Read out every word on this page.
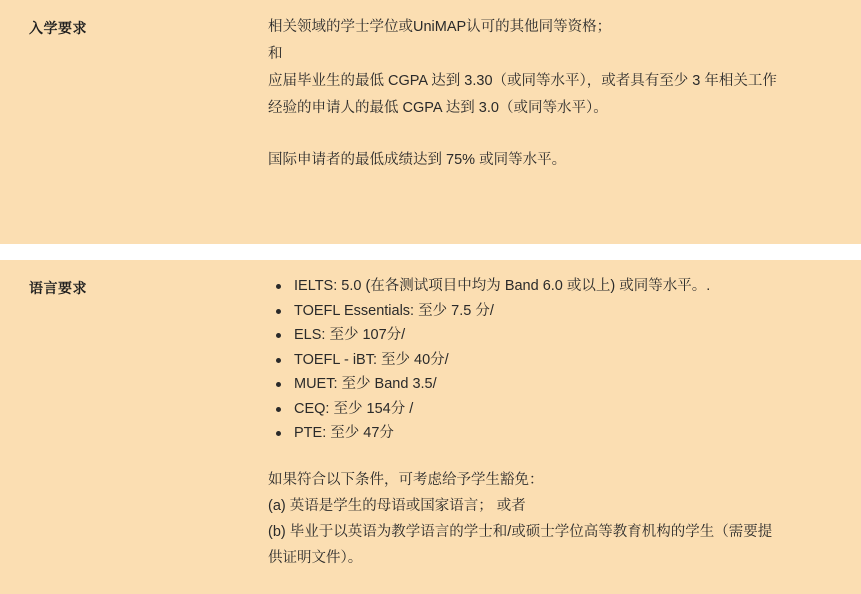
入学要求	相关领域的学士学位或UniMAP认可的其他同等资格；

和

应届毕业生的最低 CGPA 达到 3.30（或同等水平），或者具有至少 3 年相关工作

经验的申请人的最低 CGPA 达到 3.0（或同等水平）。

国际申请者的最低成绩达到 75% 或同等水平。

语言要求	IELTS: 5.0 (在各测试项目中均为 Band 6.0 或以上) 或同等水平。.
TOEFL Essentials: 至少 7.5 分/
ELS: 至少 107分/
TOEFL - iBT: 至少 40分/
MUET: 至少 Band 3.5/
CEQ: 至少 154分 /
PTE: 至少 47分

如果符合以下条件，可考虑给予学生豁免：

(a) 英语是学生的母语或国家语言； 或者

(b) 毕业于以英语为教学语言的学士和/或硕士学位高等教育机构的学生（需要提

供证明文件）。
